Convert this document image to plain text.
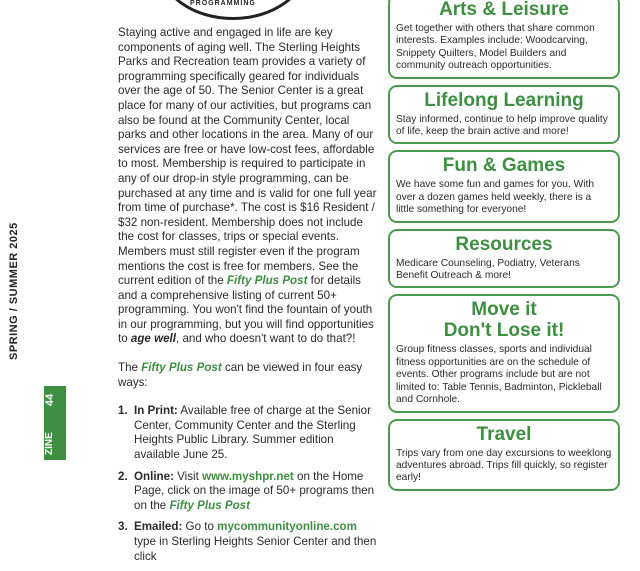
SPRING / SUMMER 2025
44
ZINE
PROGRAMMING

Staying active and engaged in life are key components of aging well. The Sterling Heights Parks and Recreation team provides a variety of programming specifically geared for individuals over the age of 50. The Senior Center is a great place for many of our activities, but programs can also be found at the Community Center, local parks and other locations in the area. Many of our services are free or have low-cost fees, affordable to most. Membership is required to participate in any of our drop-in style programming, can be purchased at any time and is valid for one full year from time of purchase*. The cost is $16 Resident / $32 non-resident. Membership does not include the cost for classes, trips or special events. Members must still register even if the program mentions the cost is free for members. See the current edition of the Fifty Plus Post for details and a comprehensive listing of current 50+ programming. You won't find the fountain of youth in our programming, but you will find opportunities to age well, and who doesn't want to do that?!

The Fifty Plus Post can be viewed in four easy ways:

1. In Print: Available free of charge at the Senior Center, Community Center and the Sterling Heights Public Library. Summer edition available June 25.
2. Online: Visit www.myshpr.net on the Home Page, click on the image of 50+ programs then on the Fifty Plus Post
3. Emailed: Go to mycommunityonline.com type in Sterling Heights Senior Center and then click
Arts & Leisure
Get together with others that share common interests. Examples include: Woodcarving, Snippety Quilters, Model Builders and community outreach opportunities.
Lifelong Learning
Stay informed, continue to help improve quality of life, keep the brain active and more!
Fun & Games
We have some fun and games for you. With over a dozen games held weekly, there is a little something for everyone!
Resources
Medicare Counseling, Podiatry, Veterans Benefit Outreach & more!
Move it
Don't Lose it!
Group fitness classes, sports and individual fitness opportunities are on the schedule of events. Other programs include but are not limited to: Table Tennis, Badminton, Pickleball and Cornhole.
Travel
Trips vary from one day excursions to weeklong adventures abroad. Trips fill quickly, so register early!
